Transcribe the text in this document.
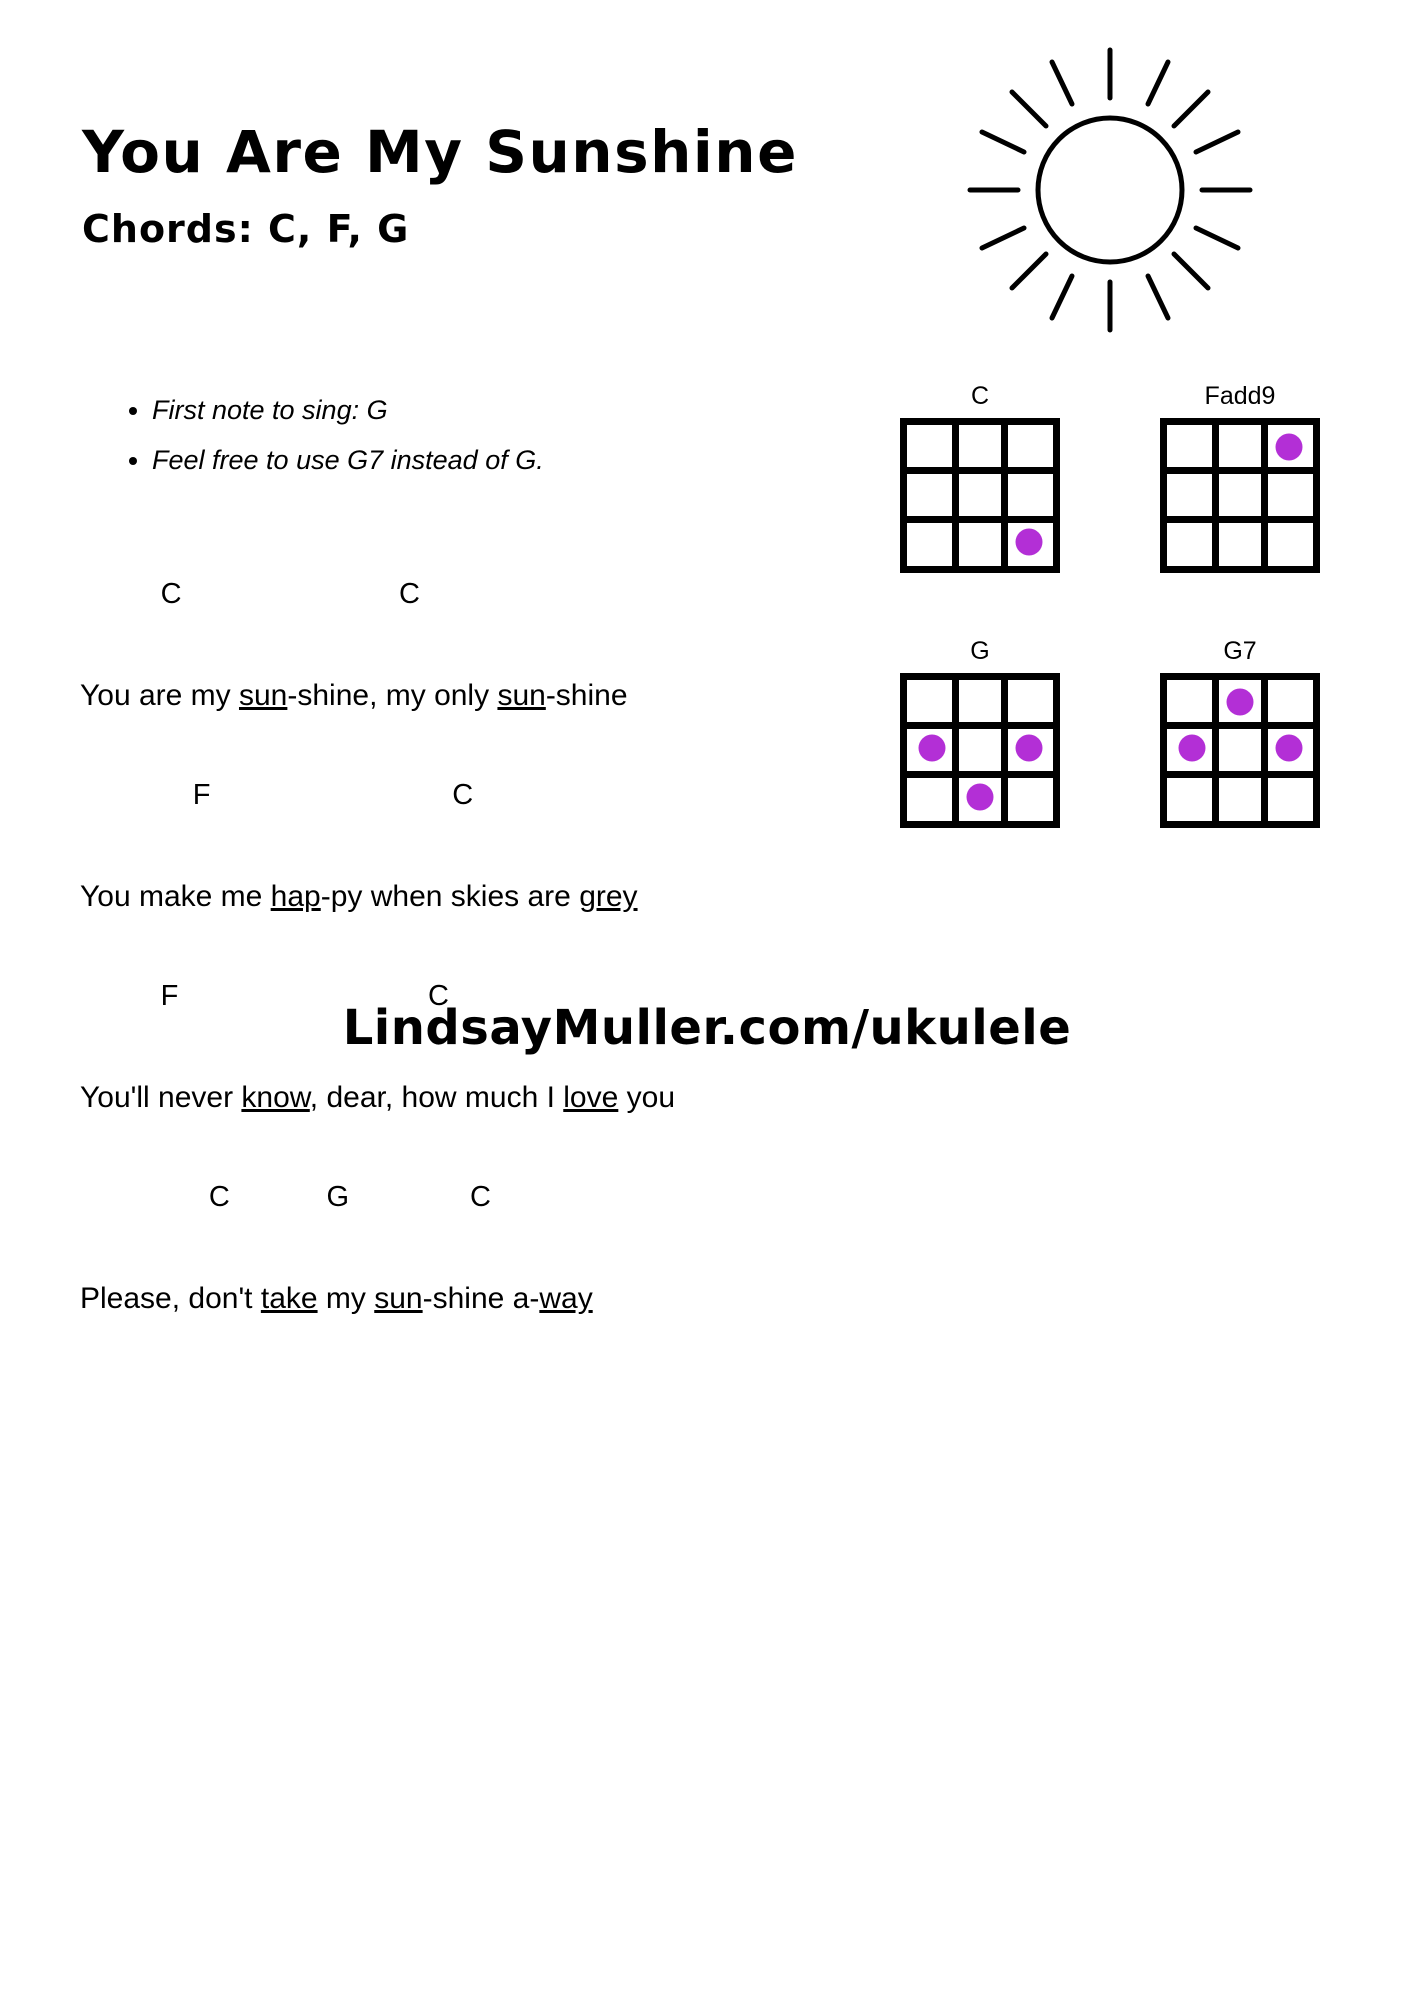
You Are My Sunshine
Chords: C, F, G
• First note to sing: G
• Feel free to use G7 instead of G.

C                           C

You are my sun-shine, my only sun-shine

F                              C

You make me hap-py when skies are grey

F                               C

You'll never know, dear, how much I love you

C            G               C

Please, don't take my sun-shine a-way

C	Fadd9
G	G7
LindsayMuller.com/ukulele
